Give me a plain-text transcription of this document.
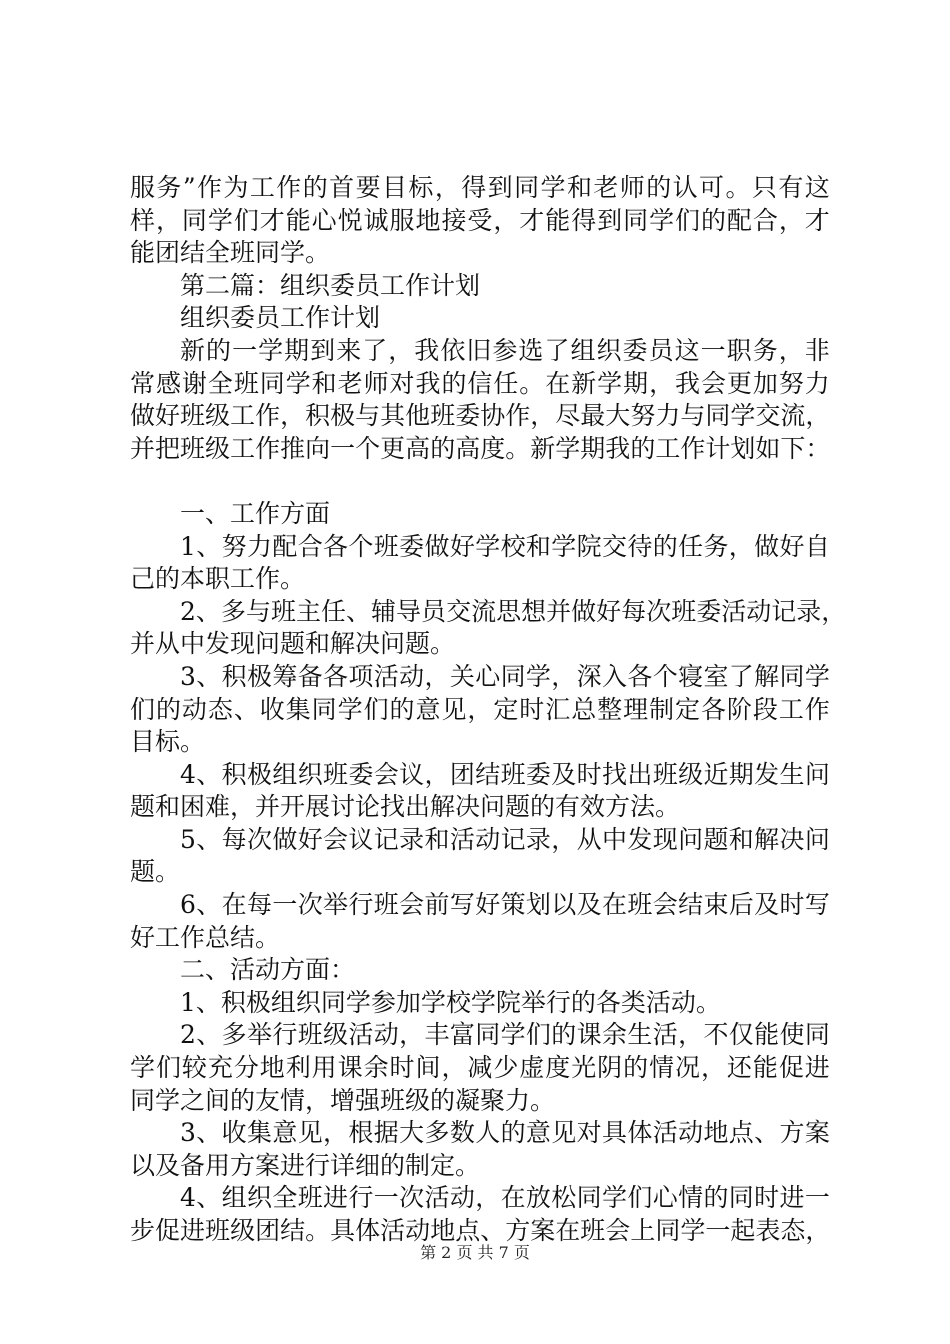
服 务 ” 作 为 工 作 的 首 要 目 标 ， 得 到 同 学 和 老 师 的 认 可 。 只 有 这
样 ， 同 学 们 才 能 心 悦 诚 服 地 接 受 ， 才 能 得 到 同 学 们 的 配 合 ， 才
能团结全班同学。
第二篇：组织委员工作计划
组织委员工作计划
新 的 一 学 期 到 来 了 ， 我 依 旧 参 选 了 组 织 委 员 这 一 职 务 ， 非
常 感 谢 全 班 同 学 和 老 师 对 我 的 信 任 。 在 新 学 期 ， 我 会 更 加 努 力
做 好 班 级 工 作 ， 积 极 与 其 他 班 委 协 作 ， 尽 最 大 努 力 与 同 学 交 流 ，
并 把 班 级 工 作 推 向 一 个 更 高 的 高 度 。 新 学 期 我 的 工 作 计 划 如 下 ：
一、工作方面
1 、 努 力 配 合 各 个 班 委 做 好 学 校 和 学 院 交 待 的 任 务 ， 做 好 自
己的本职工作。
2 、 多 与 班 主 任 、 辅 导 员 交 流 思 想 并 做 好 每 次 班 委 活 动 记 录 ，
并从中发现问题和解决问题。
3 、 积 极 筹 备 各 项 活 动 ， 关 心 同 学 ， 深 入 各 个 寝 室 了 解 同 学
们 的 动 态 、 收 集 同 学 们 的 意 见 ， 定 时 汇 总 整 理 制 定 各 阶 段 工 作
目标。
4 、 积 极 组 织 班 委 会 议 ， 团 结 班 委 及 时 找 出 班 级 近 期 发 生 问
题和困难，并开展讨论找出解决问题的有效方法。
5 、 每 次 做 好 会 议 记 录 和 活 动 记 录 ， 从 中 发 现 问 题 和 解 决 问
题。
6 、 在 每 一 次 举 行 班 会 前 写 好 策 划 以 及 在 班 会 结 束 后 及 时 写
好工作总结。
二、活动方面：
1、积极组织同学参加学校学院举行的各类活动。
2 、 多 举 行 班 级 活 动 ， 丰 富 同 学 们 的 课 余 生 活 ， 不 仅 能 使 同
学 们 较 充 分 地 利 用 课 余 时 间 ， 减 少 虚 度 光 阴 的 情 况 ， 还 能 促 进
同学之间的友情，增强班级的凝聚力。
3 、 收 集 意 见 ， 根 据 大 多 数 人 的 意 见 对 具 体 活 动 地 点 、 方 案
以及备用方案进行详细的制定。
4 、 组 织 全 班 进 行 一 次 活 动 ， 在 放 松 同 学 们 心 情 的 同 时 进 一
步 促 进 班 级 团 结 。 具 体 活 动 地 点 、 方 案 在 班 会 上 同 学 一 起 表 态 ，
第 2 页 共 7 页
